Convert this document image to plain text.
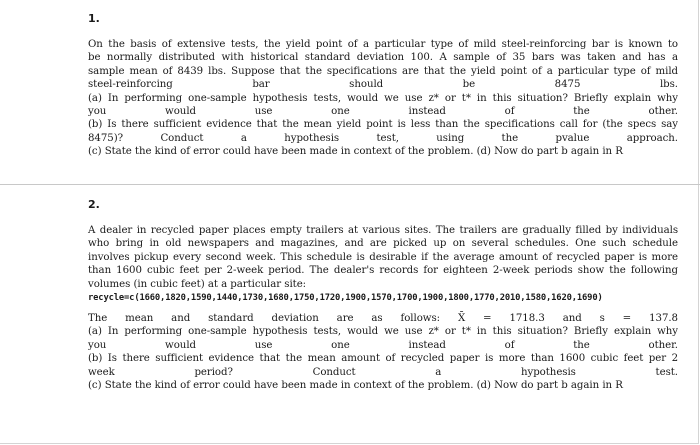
1.
On the basis of extensive tests, the yield point of a particular type of mild steel-reinforcing bar is known to be normally distributed with historical standard deviation 100. A sample of 35 bars was taken and has a sample mean of 8439 lbs. Suppose that the specifications are that the yield point of a particular type of mild steel-reinforcing bar should be 8475 lbs. (a) In performing one-sample hypothesis tests, would we use z* or t* in this situation? Briefly explain why you would use one instead of the other. (b) Is there sufficient evidence that the mean yield point is less than the specifications call for (the specs say 8475)? Conduct a hypothesis test, using the pvalue approach. (c) State the kind of error could have been made in context of the problem. (d) Now do part b again in R
2.
A dealer in recycled paper places empty trailers at various sites. The trailers are gradually filled by individuals who bring in old newspapers and magazines, and are picked up on several schedules. One such schedule involves pickup every second week. This schedule is desirable if the average amount of recycled paper is more than 1600 cubic feet per 2-week period. The dealer's records for eighteen 2-week periods show the following volumes (in cubic feet) at a particular site:
recycle=c(1660,1820,1590,1440,1730,1680,1750,1720,1900,1570,1700,1900,1800,1770,2010,1580,1620,1690)
The mean and standard deviation are as follows: X̄ = 1718.3 and s = 137.8 (a) In performing one-sample hypothesis tests, would we use z* or t* in this situation? Briefly explain why you would use one instead of the other. (b) Is there sufficient evidence that the mean amount of recycled paper is more than 1600 cubic feet per 2 week period? Conduct a hypothesis test. (c) State the kind of error could have been made in context of the problem. (d) Now do part b again in R
